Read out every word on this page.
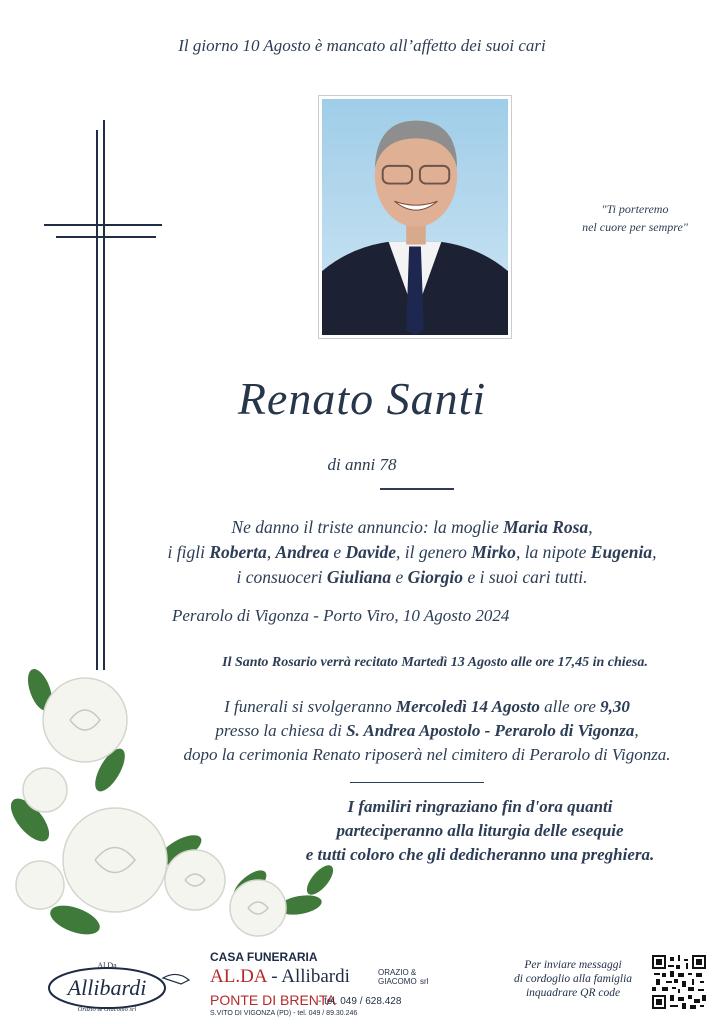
Il giorno 10 Agosto è mancato all’affetto dei suoi cari
"Ti porteremo
nel cuore per sempre"
Renato Santi
di anni 78
Ne danno il triste annuncio: la moglie Maria Rosa,
i figli Roberta, Andrea e Davide, il genero Mirko, la nipote Eugenia,
i consuoceri Giuliana e Giorgio e i suoi cari tutti.
Perarolo di Vigonza - Porto Viro, 10 Agosto 2024
Il Santo Rosario verrà recitato Martedì 13 Agosto alle ore 17,45 in chiesa.
I funerali si svolgeranno Mercoledì 14 Agosto alle ore 9,30
presso la chiesa di S. Andrea Apostolo - Perarolo di Vigonza,
dopo la cerimonia Renato riposerà nel cimitero di Perarolo di Vigonza.
I familiri ringraziano fin d'ora quanti
parteciperanno alla liturgia delle esequie
e tutti coloro che gli dedicheranno una preghiera.
Al.Da
Allibardi
Orazio & Giacomo srl
CASA FUNERARIA
AL.DA - Allibardi	ORAZIO &
GIACOMO srl
PONTE DI BRENTA
- tel. 049 / 628.428
S.VITO DI VIGONZA (PD) - tel. 049 / 89.30.246
Per inviare messaggi
di cordoglio alla famiglia
inquadrare QR code
